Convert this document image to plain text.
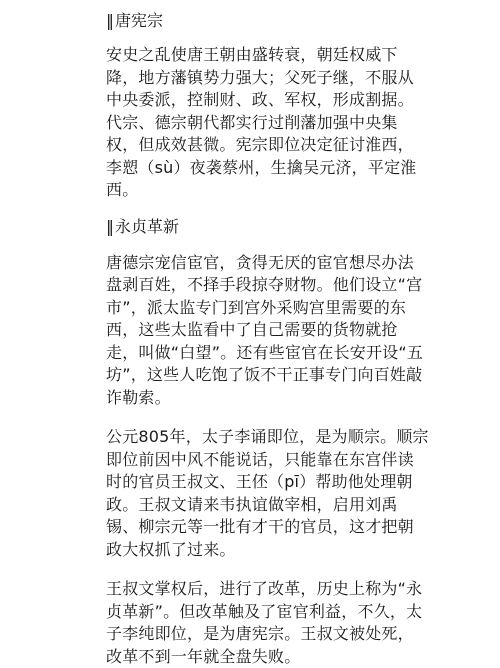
‖ 唐宪宗

安史之乱使唐王朝由盛转衰，朝廷权威下
降，地方藩镇势力强大；父死子继，不服从
中央委派，控制财、政、军权，形成割据。
代宗、德宗朝代都实行过削藩加强中央集
权，但成效甚微。宪宗即位决定征讨淮西，
李愬（sù）夜袭蔡州，生擒吴元济，平定淮
西。

‖ 永贞革新

唐德宗宠信宦官，贪得无厌的宦官想尽办法
盘剥百姓，不择手段掠夺财物。他们设立“宫
市”，派太监专门到宫外采购宫里需要的东
西，这些太监看中了自己需要的货物就抢
走，叫做“白望”。还有些宦官在长安开设“五
坊”，这些人吃饱了饭不干正事专门向百姓敲
诈勒索。

公元805年，太子李诵即位，是为顺宗。顺宗
即位前因中风不能说话，只能靠在东宫伴读
时的官员王叔文、王伾（pī）帮助他处理朝
政。王叔文请来韦执谊做宰相，启用刘禹
锡、柳宗元等一批有才干的官员，这才把朝
政大权抓了过来。

王叔文掌权后，进行了改革，历史上称为“永
贞革新”。但改革触及了宦官利益，不久，太
子李纯即位，是为唐宪宗。王叔文被处死，
改革不到一年就全盘失败。
